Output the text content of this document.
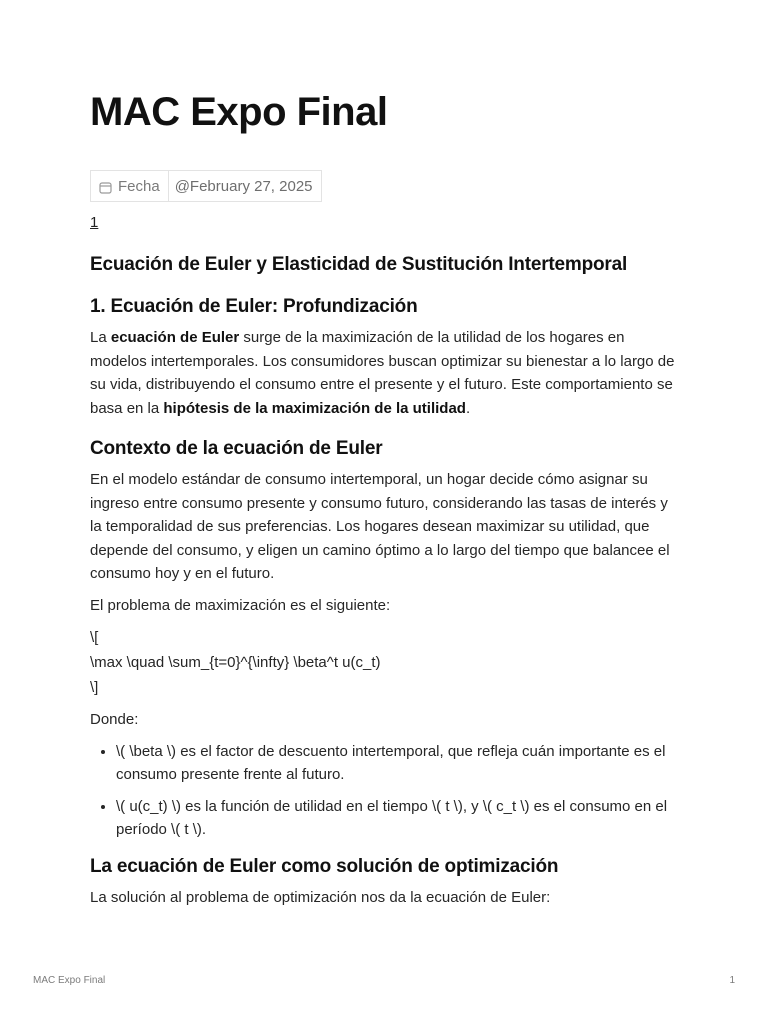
MAC Expo Final
Fecha	@February 27, 2025
1
Ecuación de Euler y Elasticidad de Sustitución Intertemporal
1. Ecuación de Euler: Profundización

La ecuación de Euler surge de la maximización de la utilidad de los hogares en modelos intertemporales. Los consumidores buscan optimizar su bienestar a lo largo de su vida, distribuyendo el consumo entre el presente y el futuro. Este comportamiento se basa en la hipótesis de la maximización de la utilidad.

Contexto de la ecuación de Euler

En el modelo estándar de consumo intertemporal, un hogar decide cómo asignar su ingreso entre consumo presente y consumo futuro, considerando las tasas de interés y la temporalidad de sus preferencias. Los hogares desean maximizar su utilidad, que depende del consumo, y eligen un camino óptimo a lo largo del tiempo que balancee el consumo hoy y en el futuro.

El problema de maximización es el siguiente:

\[
\max \quad \sum_{t=0}^{\infty} \beta^t u(c_t)
\]

Donde:

• \( \beta \) es el factor de descuento intertemporal, que refleja cuán importante es el consumo presente frente al futuro.
• \( u(c_t) \) es la función de utilidad en el tiempo \( t \), y \( c_t \) es el consumo en el período \( t \).
La ecuación de Euler como solución de optimización

La solución al problema de optimización nos da la ecuación de Euler:

MAC Expo Final	1
